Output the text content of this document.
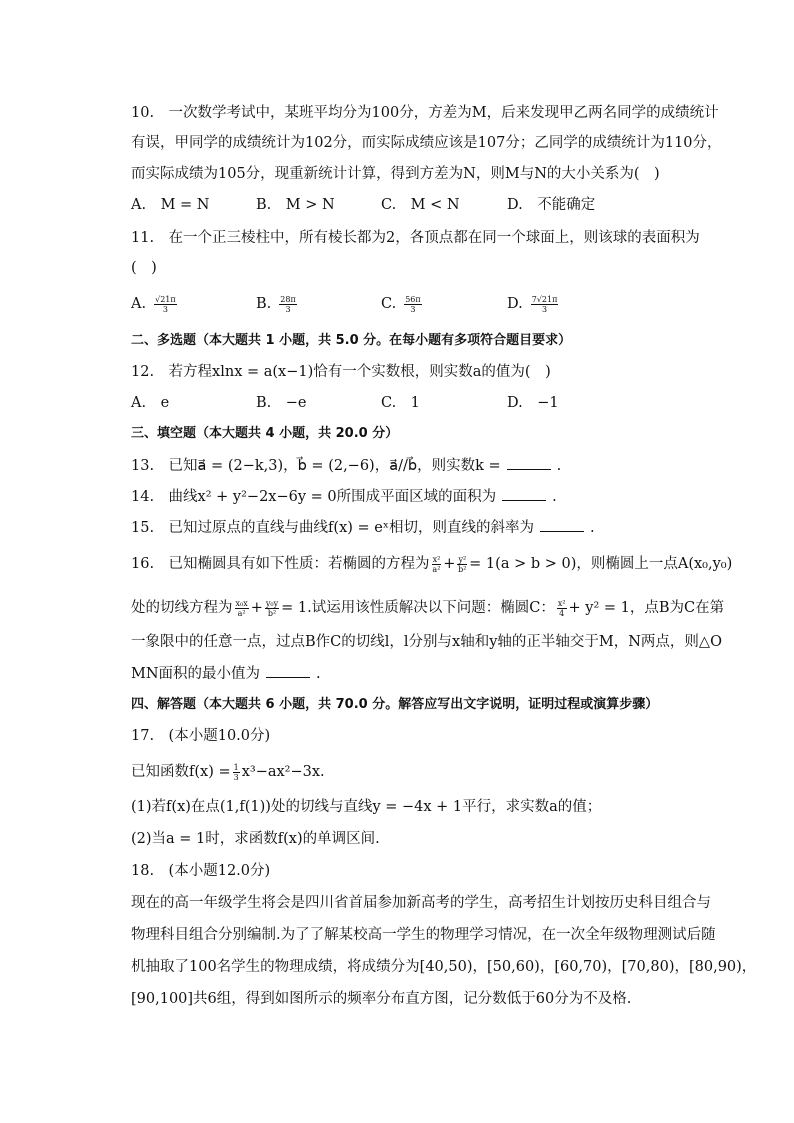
10. 一次数学考试中，某班平均分为100分，方差为M，后来发现甲乙两名同学的成绩统计
有误，甲同学的成绩统计为102分，而实际成绩应该是107分；乙同学的成绩统计为110分，
而实际成绩为105分，现重新统计计算，得到方差为N，则M与N的大小关系为( )
A. M = N	B. M > N	C. M < N	D. 不能确定
11. 在一个正三棱柱中，所有棱长都为2，各顶点都在同一个球面上，则该球的表面积为
( )
A. $\frac{√21\pi}{3}$	B. $\frac{28\pi}{3}$	C. $\frac{56\pi}{3}$	D. $\frac{7√21\pi}{3}$
二、多选题（本大题共 1 小题，共 5.0 分。在每小题有多项符合题目要求）
12. 若方程xlnx = a(x−1)恰有一个实数根，则实数a的值为( )
A. e	B. −e	C. 1	D. −1
三、填空题（本大题共 4 小题，共 20.0 分）
13. 已知a⃗ = (2−k,3)，b⃗ = (2,−6)，a⃗//b⃗，则实数k =	.
14. 曲线x² + y²−2x−6y = 0所围成平面区域的面积为	.
15. 已知过原点的直线与曲线f(x) = eˣ相切，则直线的斜率为	.
16. 已知椭圆具有如下性质：若椭圆的方程为 $\frac{\text{x²}}{\text{a²}} + \frac{\text{y²}}{\text{b²}} = 1(a > b > 0)$，则椭圆上一点A(x₀,y₀)
处的切线方程为 $\frac{\text{x₀x}}{\text{a²}} + \frac{\text{y₀y}}{\text{b²}} = 1$.试运用该性质解决以下问题：椭圆C： $\frac{\text{x²}}{4} + y^2 = 1$，点B为C在第
一象限中的任意一点，过点B作C的切线l，l分别与x轴和y轴的正半轴交于M，N两点，则△O
MN面积的最小值为	.
四、解答题（本大题共 6 小题，共 70.0 分。解答应写出文字说明，证明过程或演算步骤）
17. (本小题10.0分)
已知函数$f(x) = \frac{1}{3} x^3-ax^2-3x$.
(1)若f(x)在点(1,f(1))处的切线与直线y = −4x + 1平行，求实数a的值；
(2)当a = 1时，求函数f(x)的单调区间.
18. (本小题12.0分)
现在的高一年级学生将会是四川省首届参加新高考的学生，高考招生计划按历史科目组合与
物理科目组合分别编制.为了了解某校高一学生的物理学习情况，在一次全年级物理测试后随
机抽取了100名学生的物理成绩，将成绩分为[40,50)，[50,60)，[60,70)，[70,80)，[80,90)，
[90,100]共6组，得到如图所示的频率分布直方图，记分数低于60分为不及格.
